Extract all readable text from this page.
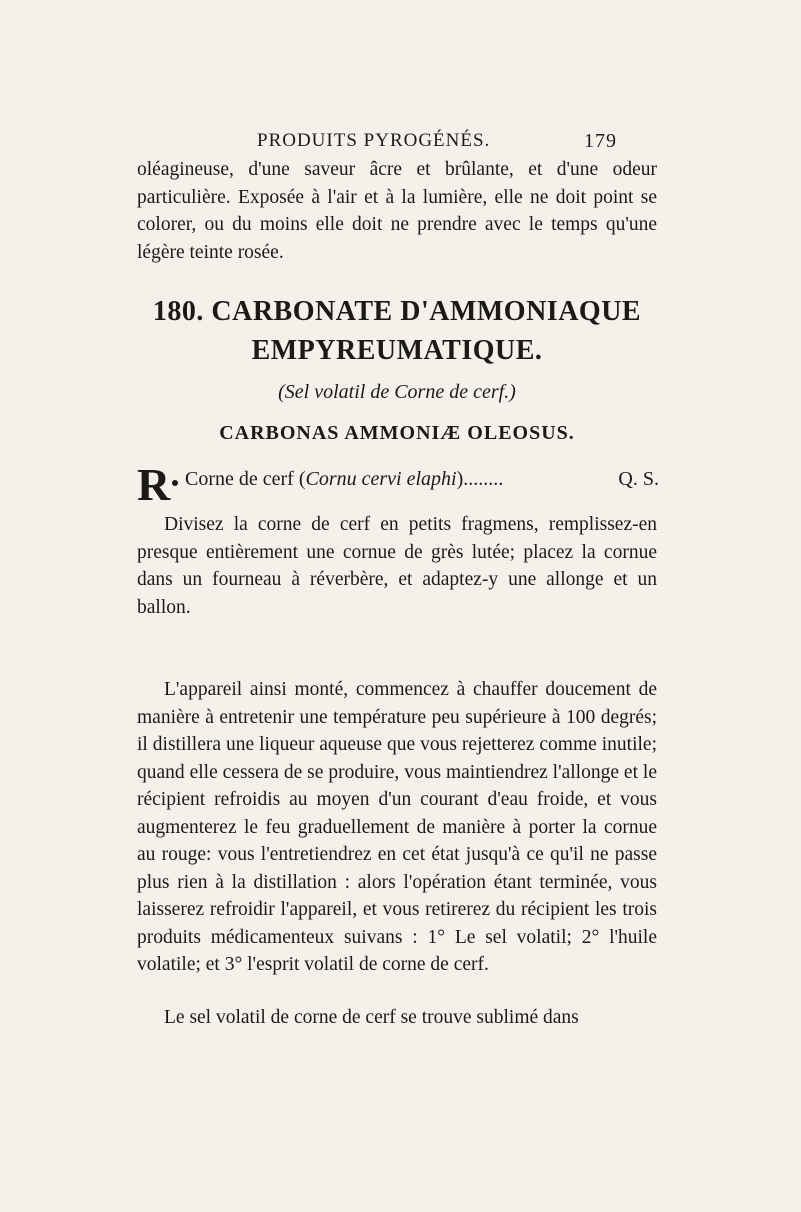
PRODUITS PYROGÉNÉS.	179

oléagineuse, d'une saveur âcre et brûlante, et d'une odeur particulière. Exposée à l'air et à la lumière, elle ne doit point se colorer, ou du moins elle doit ne prendre avec le temps qu'une légère teinte rosée.

180. CARBONATE D'AMMONIAQUE
EMPYREUMATIQUE.

(Sel volatil de Corne de cerf.)

CARBONAS AMMONIÆ OLEOSUS.

R Corne de cerf (Cornu cervi elaphi)........	Q. S.

Divisez la corne de cerf en petits fragmens, remplissez-en presque entièrement une cornue de grès lutée; placez la cornue dans un fourneau à réverbère, et adaptez-y une allonge et un ballon.

L'appareil ainsi monté, commencez à chauffer doucement de manière à entretenir une température peu supérieure à 100 degrés; il distillera une liqueur aqueuse que vous rejetterez comme inutile; quand elle cessera de se produire, vous maintiendrez l'allonge et le récipient refroidis au moyen d'un courant d'eau froide, et vous augmenterez le feu graduellement de manière à porter la cornue au rouge: vous l'entretiendrez en cet état jusqu'à ce qu'il ne passe plus rien à la distillation : alors l'opération étant terminée, vous laisserez refroidir l'appareil, et vous retirerez du récipient les trois produits médicamenteux suivans : 1° Le sel volatil; 2° l'huile volatile; et 3° l'esprit volatil de corne de cerf.

Le sel volatil de corne de cerf se trouve sublimé dans
